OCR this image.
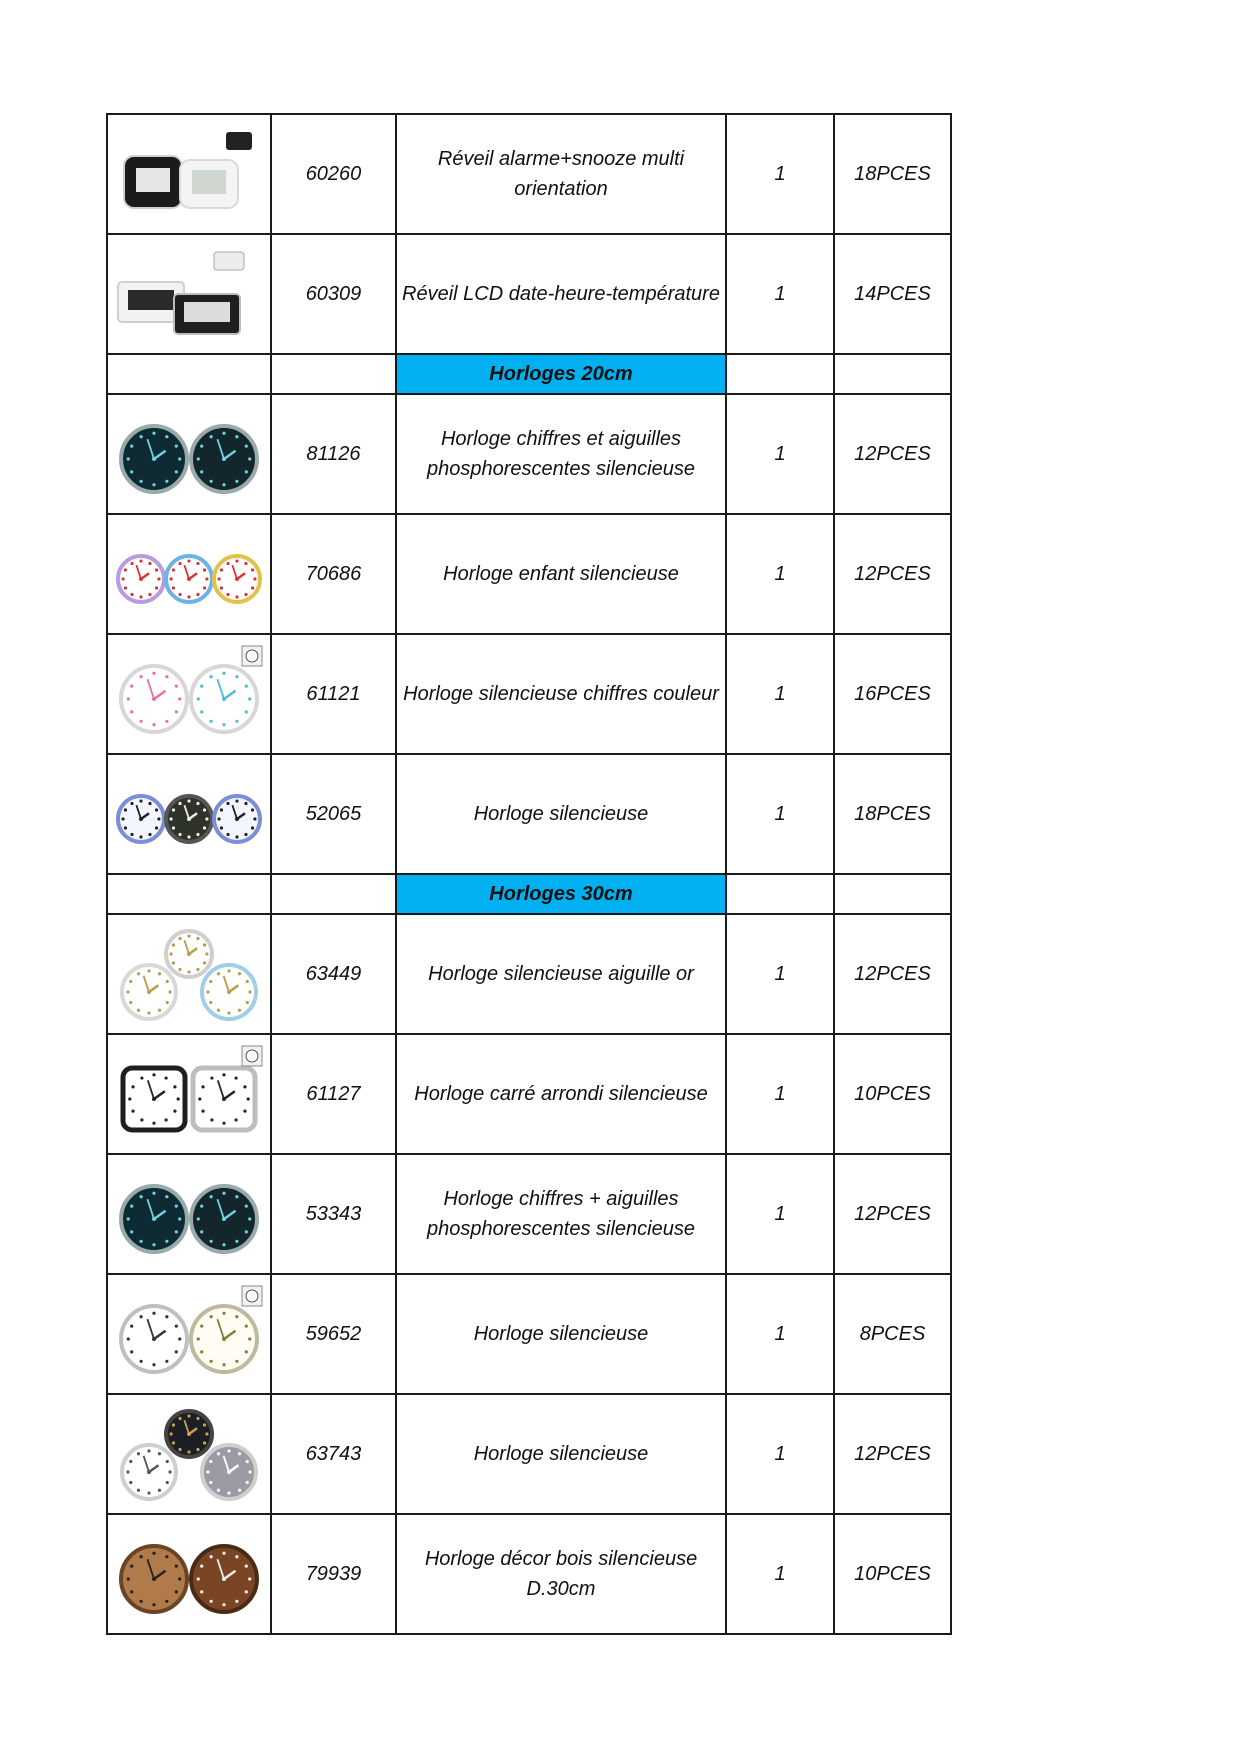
	60260	Réveil alarme+snooze multi orientation	1	18PCES

	60309	Réveil LCD date-heure-température	1	14PCES
		Horloges 20cm		

	81126	Horloge chiffres et aiguilles phosphorescentes silencieuse	1	12PCES

	70686	Horloge enfant silencieuse	1	12PCES

	61121	Horloge silencieuse chiffres couleur	1	16PCES

	52065	Horloge silencieuse	1	18PCES
		Horloges 30cm		

	63449	Horloge silencieuse aiguille or	1	12PCES

	61127	Horloge carré arrondi silencieuse	1	10PCES

	53343	Horloge chiffres + aiguilles phosphorescentes silencieuse	1	12PCES

	59652	Horloge silencieuse	1	8PCES

	63743	Horloge silencieuse	1	12PCES

	79939	Horloge décor bois silencieuse D.30cm	1	10PCES
